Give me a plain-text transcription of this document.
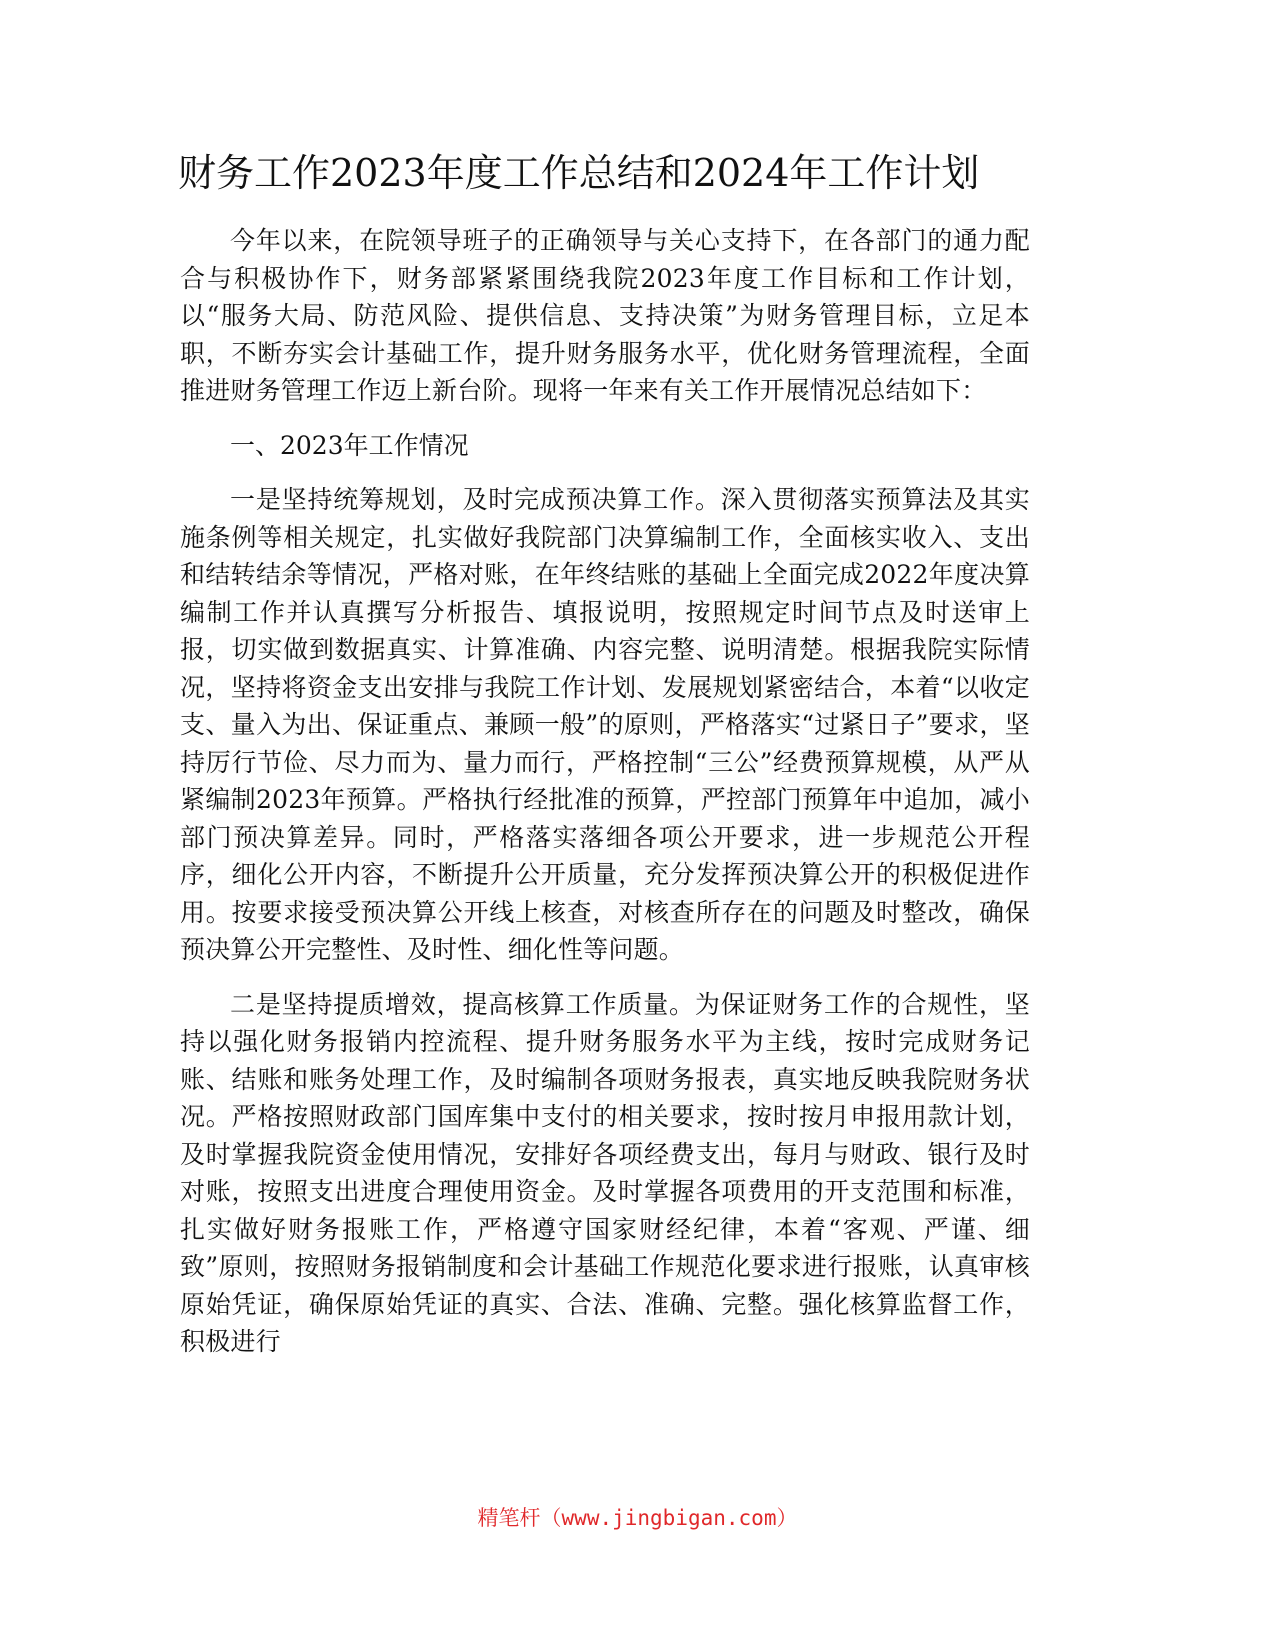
财务工作2023年度工作总结和2024年工作计划

今年以来，在院领导班子的正确领导与关心支持下，在各部门的通力配合与积极协作下，财务部紧紧围绕我院2023年度工作目标和工作计划，以“服务大局、防范风险、提供信息、支持决策”为财务管理目标，立足本职，不断夯实会计基础工作，提升财务服务水平，优化财务管理流程，全面推进财务管理工作迈上新台阶。现将一年来有关工作开展情况总结如下：

一、2023年工作情况

一是坚持统筹规划，及时完成预决算工作。深入贯彻落实预算法及其实施条例等相关规定，扎实做好我院部门决算编制工作，全面核实收入、支出和结转结余等情况，严格对账，在年终结账的基础上全面完成2022年度决算编制工作并认真撰写分析报告、填报说明，按照规定时间节点及时送审上报，切实做到数据真实、计算准确、内容完整、说明清楚。根据我院实际情况，坚持将资金支出安排与我院工作计划、发展规划紧密结合，本着“以收定支、量入为出、保证重点、兼顾一般”的原则，严格落实“过紧日子”要求，坚持厉行节俭、尽力而为、量力而行，严格控制“三公”经费预算规模，从严从紧编制2023年预算。严格执行经批准的预算，严控部门预算年中追加，减小部门预决算差异。同时，严格落实落细各项公开要求，进一步规范公开程序，细化公开内容，不断提升公开质量，充分发挥预决算公开的积极促进作用。按要求接受预决算公开线上核查，对核查所存在的问题及时整改，确保预决算公开完整性、及时性、细化性等问题。

二是坚持提质增效，提高核算工作质量。为保证财务工作的合规性，坚持以强化财务报销内控流程、提升财务服务水平为主线，按时完成财务记账、结账和账务处理工作，及时编制各项财务报表，真实地反映我院财务状况。严格按照财政部门国库集中支付的相关要求，按时按月申报用款计划，及时掌握我院资金使用情况，安排好各项经费支出，每月与财政、银行及时对账，按照支出进度合理使用资金。及时掌握各项费用的开支范围和标准，扎实做好财务报账工作，严格遵守国家财经纪律，本着“客观、严谨、细致”原则，按照财务报销制度和会计基础工作规范化要求进行报账，认真审核原始凭证，确保原始凭证的真实、合法、准确、完整。强化核算监督工作，积极进行

精笔杆（www.jingbigan.com）
